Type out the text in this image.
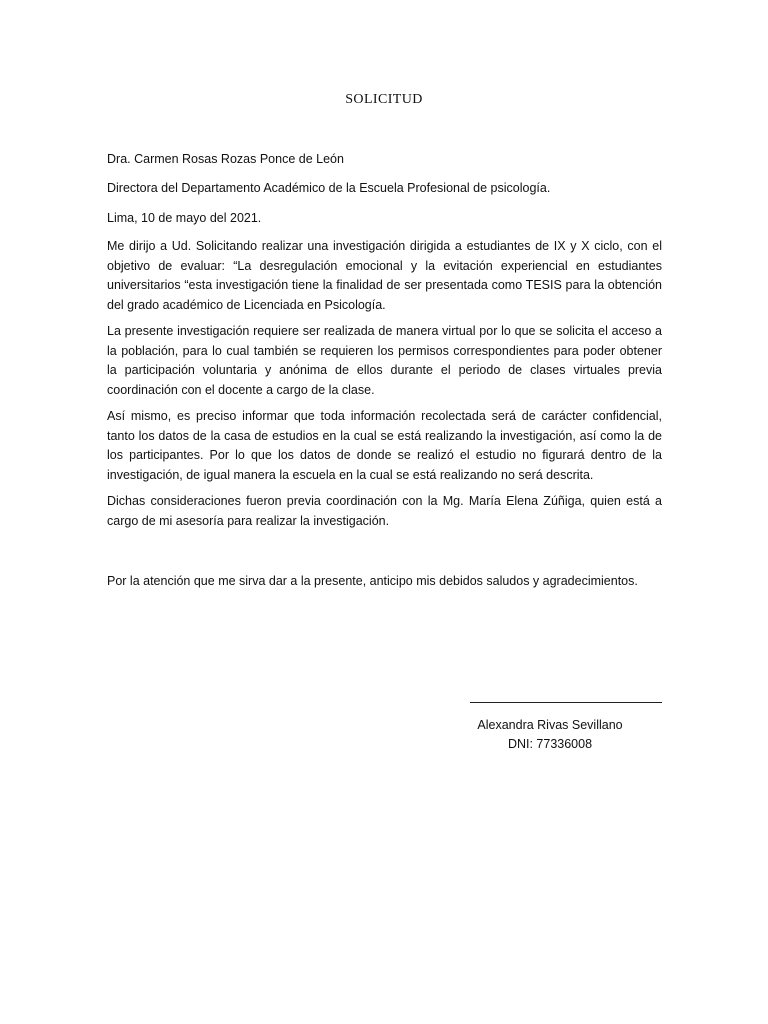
SOLICITUD
Dra. Carmen Rosas Rozas Ponce de León
Directora del Departamento Académico de la Escuela Profesional de psicología.
Lima, 10 de mayo del 2021.

Me dirijo a Ud. Solicitando realizar una investigación dirigida a estudiantes de IX y X ciclo, con el objetivo de evaluar: “La desregulación emocional y la evitación experiencial en estudiantes universitarios “esta investigación tiene la finalidad de ser presentada como TESIS para la obtención del grado académico de Licenciada en Psicología.

La presente investigación requiere ser realizada de manera virtual por lo que se solicita el acceso a la población, para lo cual también se requieren los permisos correspondientes para poder obtener la participación voluntaria y anónima de ellos durante el periodo de clases virtuales previa coordinación con el docente a cargo de la clase.

Así mismo, es preciso informar que toda información recolectada será de carácter confidencial, tanto los datos de la casa de estudios en la cual se está realizando la investigación, así como la de los participantes. Por lo que los datos de donde se realizó el estudio no figurará dentro de la investigación, de igual manera la escuela en la cual se está realizando no será descrita.

Dichas consideraciones fueron previa coordinación con la Mg. María Elena Zúñiga, quien está a cargo de mi asesoría para realizar la investigación.

Por la atención que me sirva dar a la presente, anticipo mis debidos saludos y agradecimientos.

Alexandra Rivas Sevillano
DNI: 77336008
